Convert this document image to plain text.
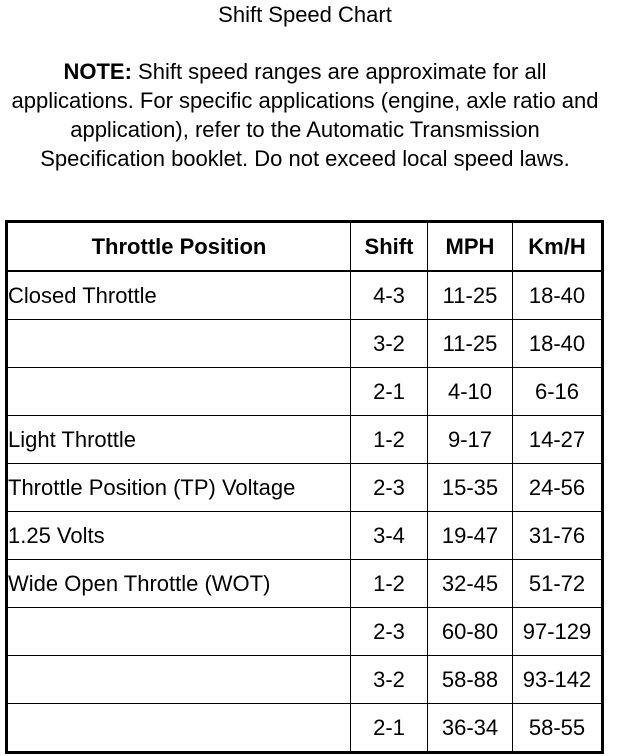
Shift Speed Chart
NOTE: Shift speed ranges are approximate for all applications. For specific applications (engine, axle ratio and application), refer to the Automatic Transmission Specification booklet. Do not exceed local speed laws.
Throttle Position	Shift	MPH	Km/H
Closed Throttle	4-3	11-25	18-40
	3-2	11-25	18-40
	2-1	4-10	6-16
Light Throttle	1-2	9-17	14-27
Throttle Position (TP) Voltage	2-3	15-35	24-56
1.25 Volts	3-4	19-47	31-76
Wide Open Throttle (WOT)	1-2	32-45	51-72
	2-3	60-80	97-129
	3-2	58-88	93-142
	2-1	36-34	58-55
